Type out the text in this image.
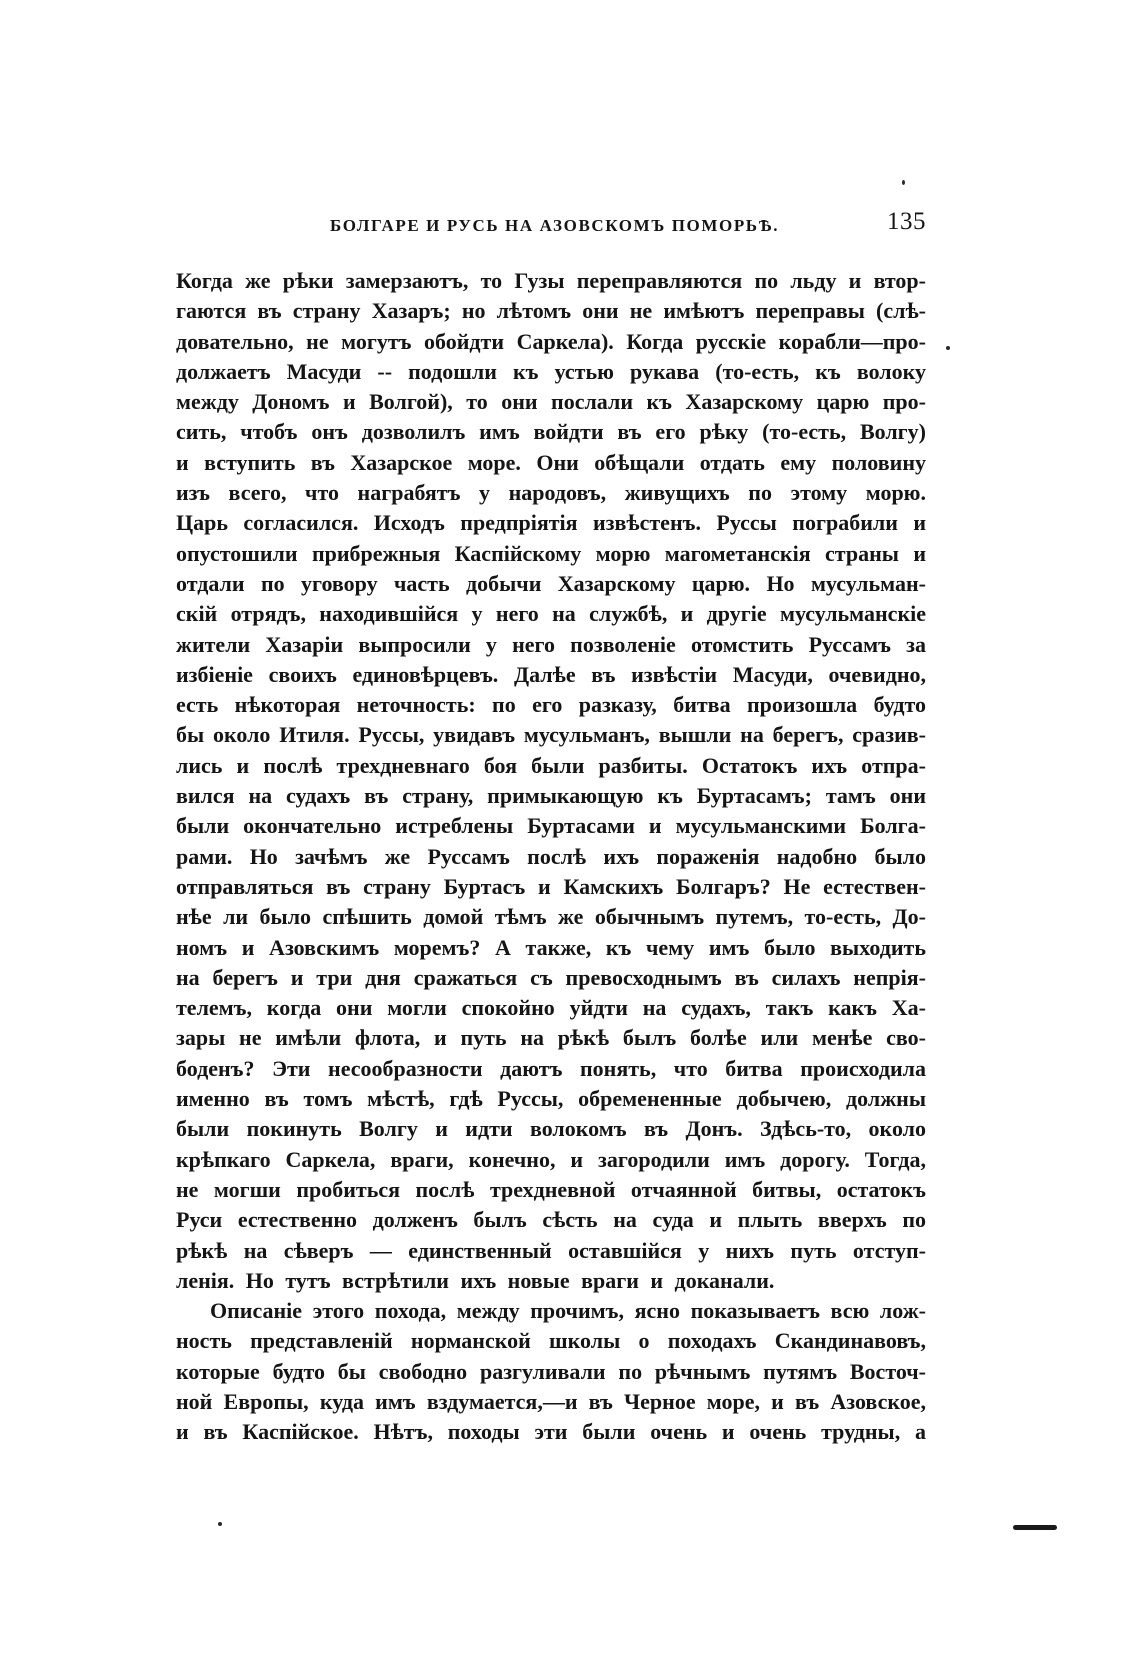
БОЛГАРЕ И РУСЬ НА АЗОВСКОМЪ ПОМОРЬѢ.	135
Когда же рѣки замерзаютъ, то Гузы переправляются по льду и втор-
гаются въ страну Хазаръ; но лѣтомъ они не имѣютъ переправы (слѣ-
довательно, не могутъ обойдти Саркела). Когда русскіе корабли—про-
должаетъ Масуди -- подошли къ устью рукава (то-есть, къ волоку
между Дономъ и Волгой), то они послали къ Хазарскому царю про-
сить, чтобъ онъ дозволилъ имъ войдти въ его рѣку (то-есть, Волгу)
и вступить въ Хазарское море. Они обѣщали отдать ему половину
изъ всего, что награбятъ у народовъ, живущихъ по этому морю.
Царь согласился. Исходъ предпріятія извѣстенъ. Руссы пограбили и
опустошили прибрежныя Каспійскому морю магометанскія страны и
отдали по уговору часть добычи Хазарскому царю. Но мусульман-
скій отрядъ, находившійся у него на службѣ, и другіе мусульманскіе
жители Хазаріи выпросили у него позволеніе отомстить Руссамъ за
избіеніе своихъ единовѣрцевъ. Далѣе въ извѣстіи Масуди, очевидно,
есть нѣкоторая неточность: по его разказу, битва произошла будто
бы около Итиля. Руссы, увидавъ мусульманъ, вышли на берегъ, сразив-
лись и послѣ трехдневнаго боя были разбиты. Остатокъ ихъ отпра-
вился на судахъ въ страну, примыкающую къ Буртасамъ; тамъ они
были окончательно истреблены Буртасами и мусульманскими Болга-
рами. Но зачѣмъ же Руссамъ послѣ ихъ пораженія надобно было
отправляться въ страну Буртасъ и Камскихъ Болгаръ? Не естествен-
нѣе ли было спѣшить домой тѣмъ же обычнымъ путемъ, то-есть, До-
номъ и Азовскимъ моремъ? А также, къ чему имъ было выходить
на берегъ и три дня сражаться съ превосходнымъ въ силахъ непрія-
телемъ, когда они могли спокойно уйдти на судахъ, такъ какъ Ха-
зары не имѣли флота, и путь на рѣкѣ былъ болѣе или менѣе сво-
боденъ? Эти несообразности даютъ понять, что битва происходила
именно въ томъ мѣстѣ, гдѣ Руссы, обремененные добычею, должны
были покинуть Волгу и идти волокомъ въ Донъ. Здѣсь-то, около
крѣпкаго Саркела, враги, конечно, и загородили имъ дорогу. Тогда,
не могши пробиться послѣ трехдневной отчаянной битвы, остатокъ
Руси естественно долженъ былъ сѣсть на суда и плыть вверхъ по
рѣкѣ на сѣверъ — единственный оставшійся у нихъ путь отступ-
ленія. Но тутъ встрѣтили ихъ новые враги и доканали.
Описаніе этого похода, между прочимъ, ясно показываетъ всю лож-
ность представленій норманской школы о походахъ Скандинавовъ,
которые будто бы свободно разгуливали по рѣчнымъ путямъ Восточ-
ной Европы, куда имъ вздумается,—и въ Черное море, и въ Азовское,
и въ Каспійское. Нѣтъ, походы эти были очень и очень трудны, а
